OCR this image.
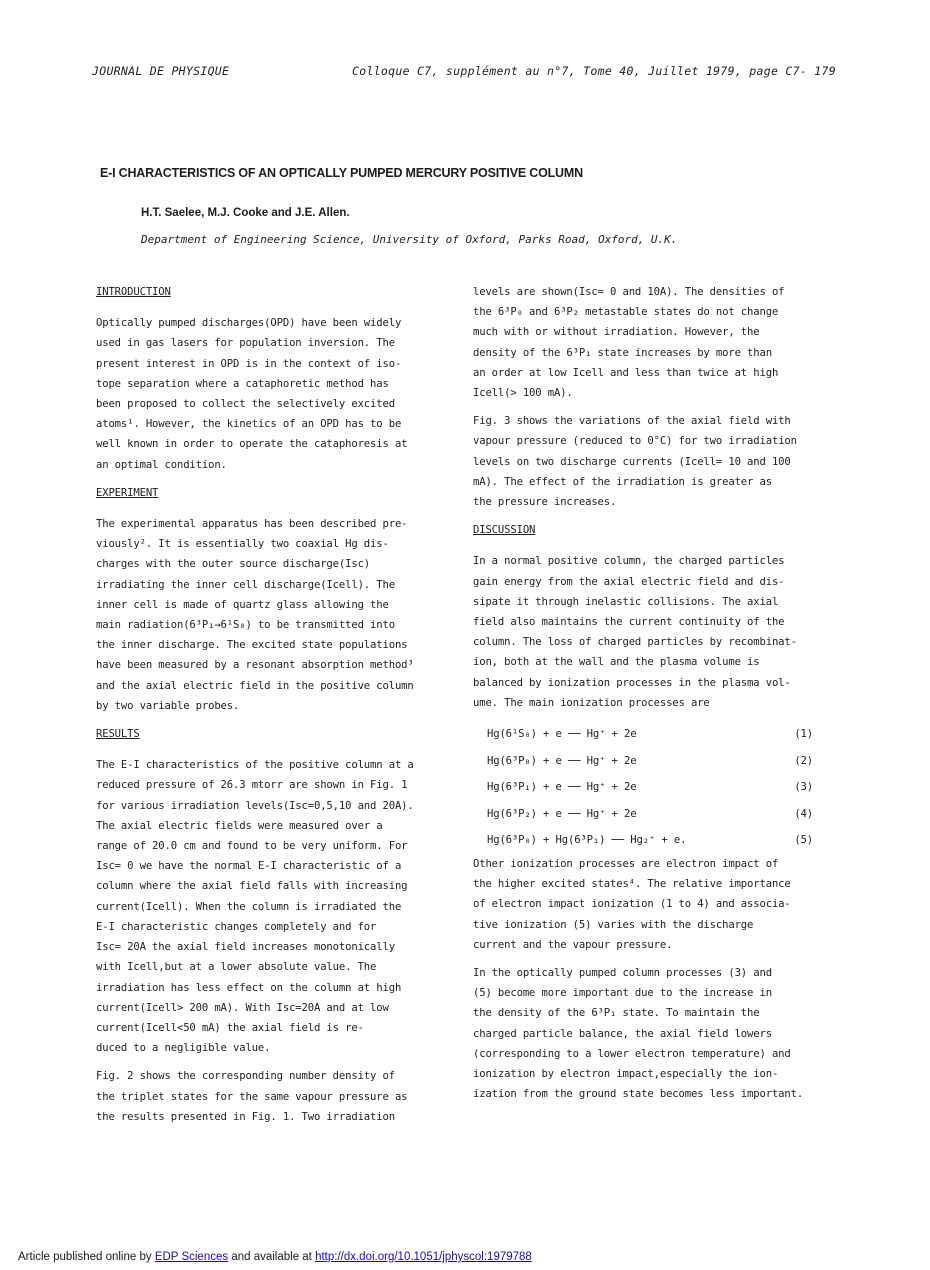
JOURNAL DE PHYSIQUE	Colloque C7, supplément au n°7, Tome 40, Juillet 1979, page C7- 179
E-I CHARACTERISTICS OF AN OPTICALLY PUMPED MERCURY POSITIVE COLUMN
H.T. Saelee, M.J. Cooke and J.E. Allen.
Department of Engineering Science, University of Oxford, Parks Road, Oxford, U.K.
INTRODUCTION
Optically pumped discharges(OPD) have been widely
used in gas lasers for population inversion. The
present interest in OPD is in the context of iso-
tope separation where a cataphoretic method has
been proposed to collect the selectively excited
atoms¹. However, the kinetics of an OPD has to be
well known in order to operate the cataphoresis at
an optimal condition.
EXPERIMENT
The experimental apparatus has been described pre-
viously². It is essentially two coaxial Hg dis-
charges with the outer source discharge(Isc)
irradiating the inner cell discharge(Icell). The
inner cell is made of quartz glass allowing the
main radiation(6³P₁→6¹S₀) to be transmitted into
the inner discharge. The excited state populations
have been measured by a resonant absorption method³
and the axial electric field in the positive column
by two variable probes.
RESULTS
The E-I characteristics of the positive column at a
reduced pressure of 26.3 mtorr are shown in Fig. 1
for various irradiation levels(Isc=0,5,10 and 20A).
The axial electric fields were measured over a
range of 20.0 cm and found to be very uniform. For
Isc= 0 we have the normal E-I characteristic of a
column where the axial field falls with increasing
current(Icell). When the column is irradiated the
E-I characteristic changes completely and for
Isc= 20A the axial field increases monotonically
with Icell,but at a lower absolute value. The
irradiation has less effect on the column at high
current(Icell> 200 mA). With Isc=20A and at low
current(Icell<50 mA) the axial field is re-
duced to a negligible value.
Fig. 2 shows the corresponding number density of
the triplet states for the same vapour pressure as
the results presented in Fig. 1. Two irradiation
levels are shown(Isc= 0 and 10A). The densities of
the 6³P₀ and 6³P₂ metastable states do not change
much with or without irradiation. However, the
density of the 6³P₁ state increases by more than
an order at low Icell and less than twice at high
Icell(> 100 mA).
Fig. 3 shows the variations of the axial field with
vapour pressure (reduced to 0°C) for two irradiation
levels on two discharge currents (Icell= 10 and 100
mA). The effect of the irradiation is greater as
the pressure increases.
DISCUSSION
In a normal positive column, the charged particles
gain energy from the axial electric field and dis-
sipate it through inelastic collisions. The axial
field also maintains the current continuity of the
column. The loss of charged particles by recombinat-
ion, both at the wall and the plasma volume is
balanced by ionization processes in the plasma vol-
ume. The main ionization processes are
Hg(6¹S₀) + e ── Hg⁺ + 2e	(1)
Hg(6³P₀) + e ── Hg⁺ + 2e	(2)
Hg(6³P₁) + e ── Hg⁺ + 2e	(3)
Hg(6³P₂) + e ── Hg⁺ + 2e	(4)
Hg(6³P₀) + Hg(6³P₁) ── Hg₂⁺ + e.	(5)
Other ionization processes are electron impact of
the higher excited states⁴. The relative importance
of electron impact ionization (1 to 4) and associa-
tive ionization (5) varies with the discharge
current and the vapour pressure.
In the optically pumped column processes (3) and
(5) become more important due to the increase in
the density of the 6³P₁ state. To maintain the
charged particle balance, the axial field lowers
(corresponding to a lower electron temperature) and
ionization by electron impact,especially the ion-
ization from the ground state becomes less important.
Article published online by EDP Sciences and available at http://dx.doi.org/10.1051/jphyscol:1979788
